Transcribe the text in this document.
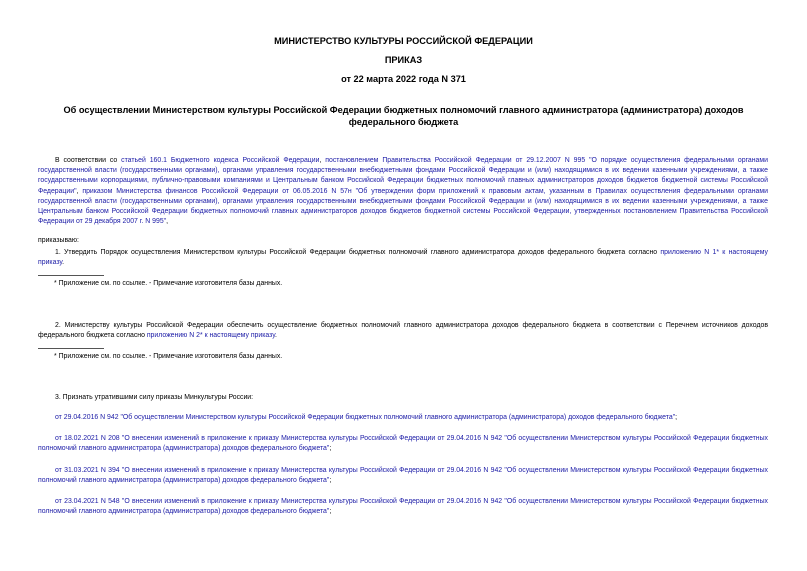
МИНИСТЕРСТВО КУЛЬТУРЫ РОССИЙСКОЙ ФЕДЕРАЦИИ
ПРИКАЗ
от 22 марта 2022 года N 371
Об осуществлении Министерством культуры Российской Федерации бюджетных полномочий главного администратора (администратора) доходов федерального бюджета
В соответствии со статьей 160.1 Бюджетного кодекса Российской Федерации, постановлением Правительства Российской Федерации от 29.12.2007 N 995 "О порядке осуществления федеральными органами государственной власти (государственными органами), органами управления государственными внебюджетными фондами Российской Федерации и (или) находящимися в их ведении казенными учреждениями, а также государственными корпорациями, публично-правовыми компаниями и Центральным банком Российской Федерации бюджетных полномочий главных администраторов доходов бюджетов бюджетной системы Российской Федерации", приказом Министерства финансов Российской Федерации от 06.05.2016 N 57н "Об утверждении форм приложений к правовым актам, указанным в Правилах осуществления федеральными органами государственной власти (государственными органами), органами управления государственными внебюджетными фондами Российской Федерации и (или) находящимися в их ведении казенными учреждениями, а также Центральным банком Российской Федерации бюджетных полномочий главных администраторов доходов бюджетов бюджетной системы Российской Федерации, утвержденных постановлением Правительства Российской Федерации от 29 декабря 2007 г. N 995",
приказываю:
1. Утвердить Порядок осуществления Министерством культуры Российской Федерации бюджетных полномочий главного администратора доходов федерального бюджета согласно приложению N 1* к настоящему приказу.
* Приложение см. по ссылке. - Примечание изготовителя базы данных.
2. Министерству культуры Российской Федерации обеспечить осуществление бюджетных полномочий главного администратора доходов федерального бюджета в соответствии с Перечнем источников доходов федерального бюджета согласно приложению N 2* к настоящему приказу.
* Приложение см. по ссылке. - Примечание изготовителя базы данных.
3. Признать утратившими силу приказы Минкультуры России:
от 29.04.2016 N 942 "Об осуществлении Министерством культуры Российской Федерации бюджетных полномочий главного администратора (администратора) доходов федерального бюджета";
от 18.02.2021 N 208 "О внесении изменений в приложение к приказу Министерства культуры Российской Федерации от 29.04.2016 N 942 "Об осуществлении Министерством культуры Российской Федерации бюджетных полномочий главного администратора (администратора) доходов федерального бюджета";
от 31.03.2021 N 394 "О внесении изменений в приложение к приказу Министерства культуры Российской Федерации от 29.04.2016 N 942 "Об осуществлении Министерством культуры Российской Федерации бюджетных полномочий главного администратора (администратора) доходов федерального бюджета";
от 23.04.2021 N 548 "О внесении изменений в приложение к приказу Министерства культуры Российской Федерации от 29.04.2016 N 942 "Об осуществлении Министерством культуры Российской Федерации бюджетных полномочий главного администратора (администратора) доходов федерального бюджета";
